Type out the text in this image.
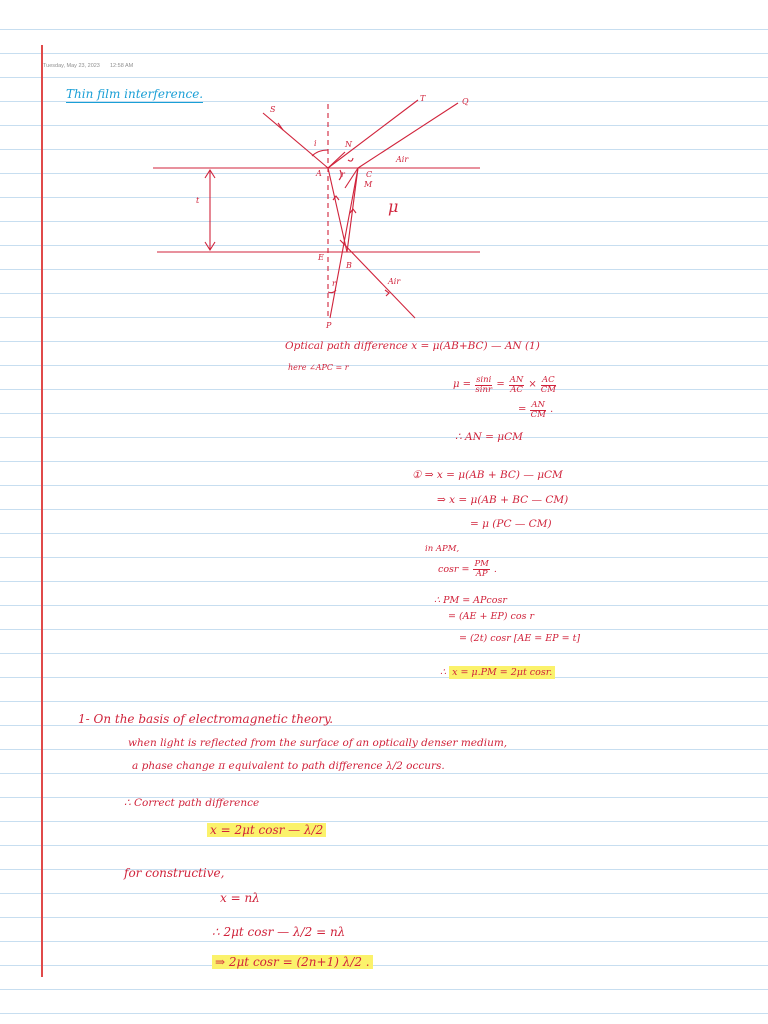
Tuesday, May 23, 2023 12:58 AM
Thin film interference.
S
T	Q
N
i
A r	C
M
Air
μ
t
E
B
r	Air
P
Optical path difference x = μ(AB+BC) — AN (1)
here ∠APC = r
$\mu = \frac{\sin i}{\sin r} = \frac{AN}{AC} \times \frac{AC}{CM}$
= $\frac{AN}{CM}$ .
∴ AN = μCM
① ⇒ x = μ(AB + BC) — μCM
⇒ x = μ(AB + BC — CM)
= μ (PC — CM)
in APM,
$\cos r = \frac{PM}{AP}$ .
∴ PM = APcosr
= (AE + EP) cos r
= (2t) cosr [AE = EP = t]
∴ x = μ.PM = 2μt cosr.
1- On the basis of electromagnetic theory.
when light is reflected from the surface of an optically denser medium,
a phase change π equivalent to path difference λ/2 occurs.
∴ Correct path difference
x = 2μt cosr — λ/2
for constructive,
x = nλ
∴ 2μt cosr — λ/2 = nλ
⇒ 2μt cosr = (2n+1) λ/2 .
